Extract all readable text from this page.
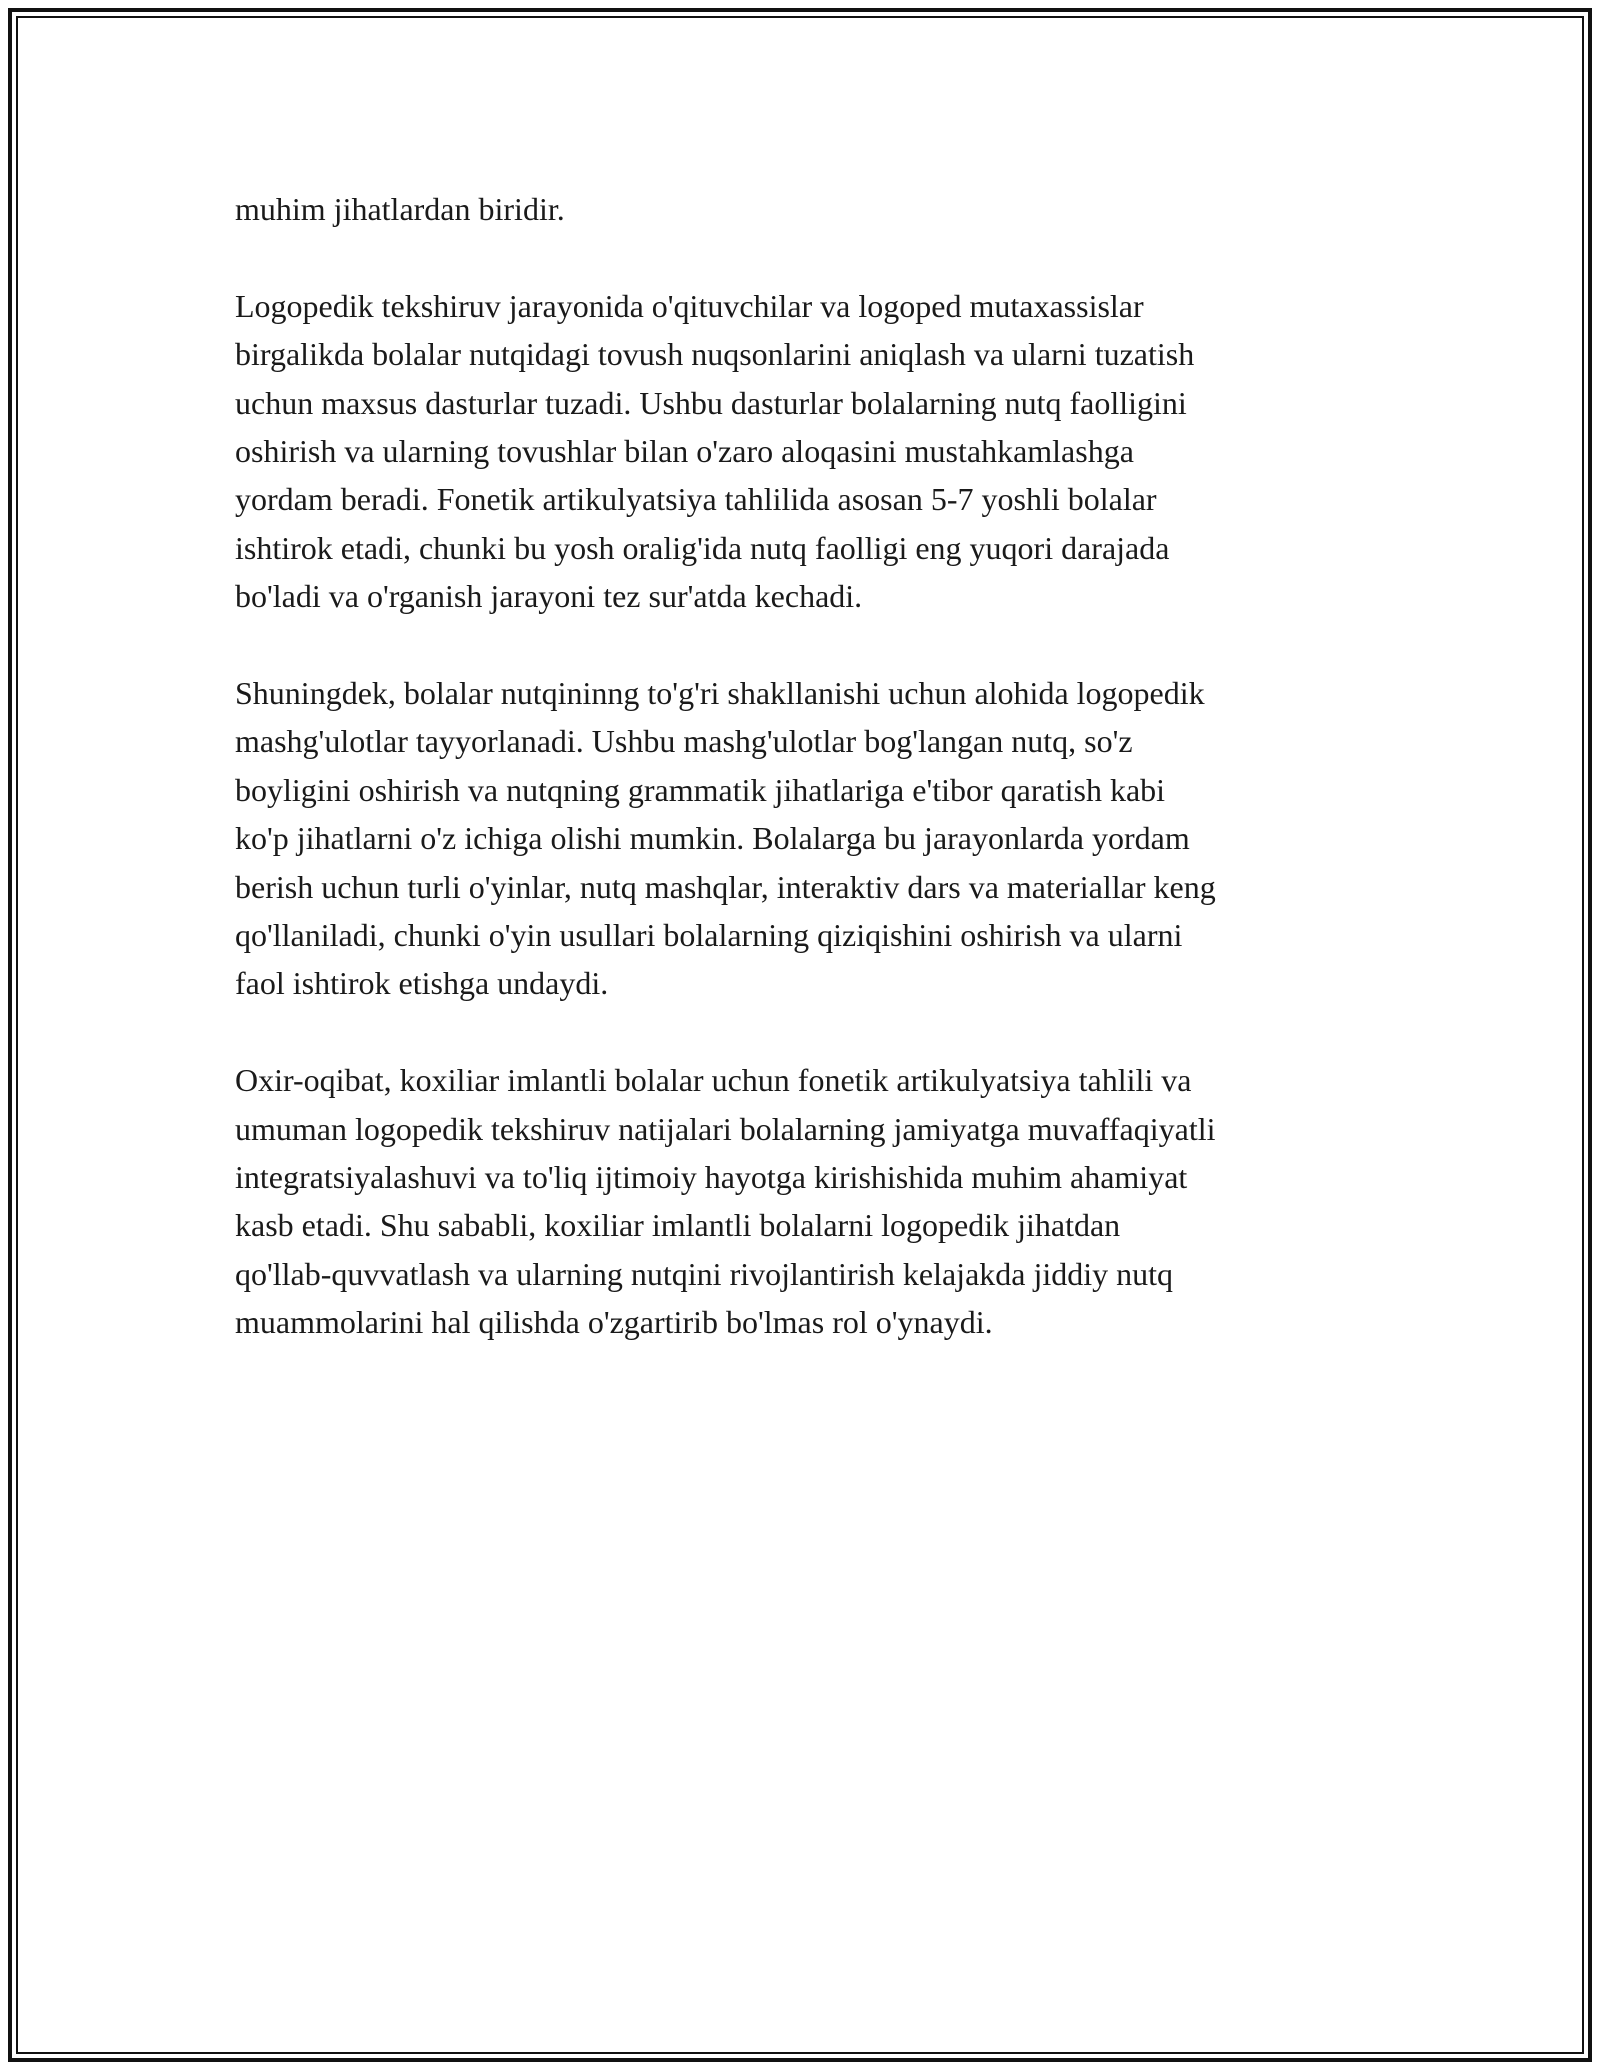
muhim jihatlardan biridir.

Logopedik tekshiruv jarayonida o'qituvchilar va logoped mutaxassislar
birgalikda bolalar nutqidagi tovush nuqsonlarini aniqlash va ularni tuzatish
uchun maxsus dasturlar tuzadi. Ushbu dasturlar bolalarning nutq faolligini
oshirish va ularning tovushlar bilan o'zaro aloqasini mustahkamlashga
yordam beradi. Fonetik artikulyatsiya tahlilida asosan 5-7 yoshli bolalar
ishtirok etadi, chunki bu yosh oralig'ida nutq faolligi eng yuqori darajada
bo'ladi va o'rganish jarayoni tez sur'atda kechadi.

Shuningdek, bolalar nutqininng to'g'ri shakllanishi uchun alohida logopedik
mashg'ulotlar tayyorlanadi. Ushbu mashg'ulotlar bog'langan nutq, so'z
boyligini oshirish va nutqning grammatik jihatlariga e'tibor qaratish kabi
ko'p jihatlarni o'z ichiga olishi mumkin. Bolalarga bu jarayonlarda yordam
berish uchun turli o'yinlar, nutq mashqlar, interaktiv dars va materiallar keng
qo'llaniladi, chunki o'yin usullari bolalarning qiziqishini oshirish va ularni
faol ishtirok etishga undaydi.

Oxir-oqibat, koxiliar imlantli bolalar uchun fonetik artikulyatsiya tahlili va
umuman logopedik tekshiruv natijalari bolalarning jamiyatga muvaffaqiyatli
integratsiyalashuvi va to'liq ijtimoiy hayotga kirishishida muhim ahamiyat
kasb etadi. Shu sababli, koxiliar imlantli bolalarni logopedik jihatdan
qo'llab-quvvatlash va ularning nutqini rivojlantirish kelajakda jiddiy nutq
muammolarini hal qilishda o'zgartirib bo'lmas rol o'ynaydi.
